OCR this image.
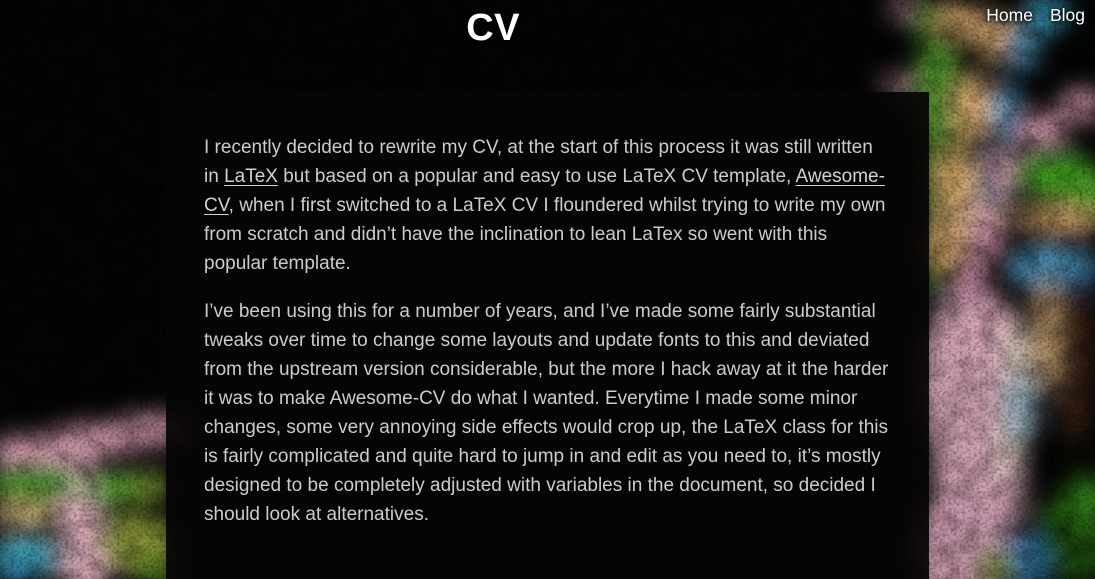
CV	Home Blog

I recently decided to rewrite my CV, at the start of this process it was still written in LaTeX but based on a popular and easy to use LaTeX CV template, Awesome-CV, when I first switched to a LaTeX CV I floundered whilst trying to write my own from scratch and didn’t have the inclination to lean LaTex so went with this popular template.

I’ve been using this for a number of years, and I’ve made some fairly substantial tweaks over time to change some layouts and update fonts to this and deviated from the upstream version considerable, but the more I hack away at it the harder it was to make Awesome-CV do what I wanted. Everytime I made some minor changes, some very annoying side effects would crop up, the LaTeX class for this is fairly complicated and quite hard to jump in and edit as you need to, it’s mostly designed to be completely adjusted with variables in the document, so decided I should look at alternatives.
